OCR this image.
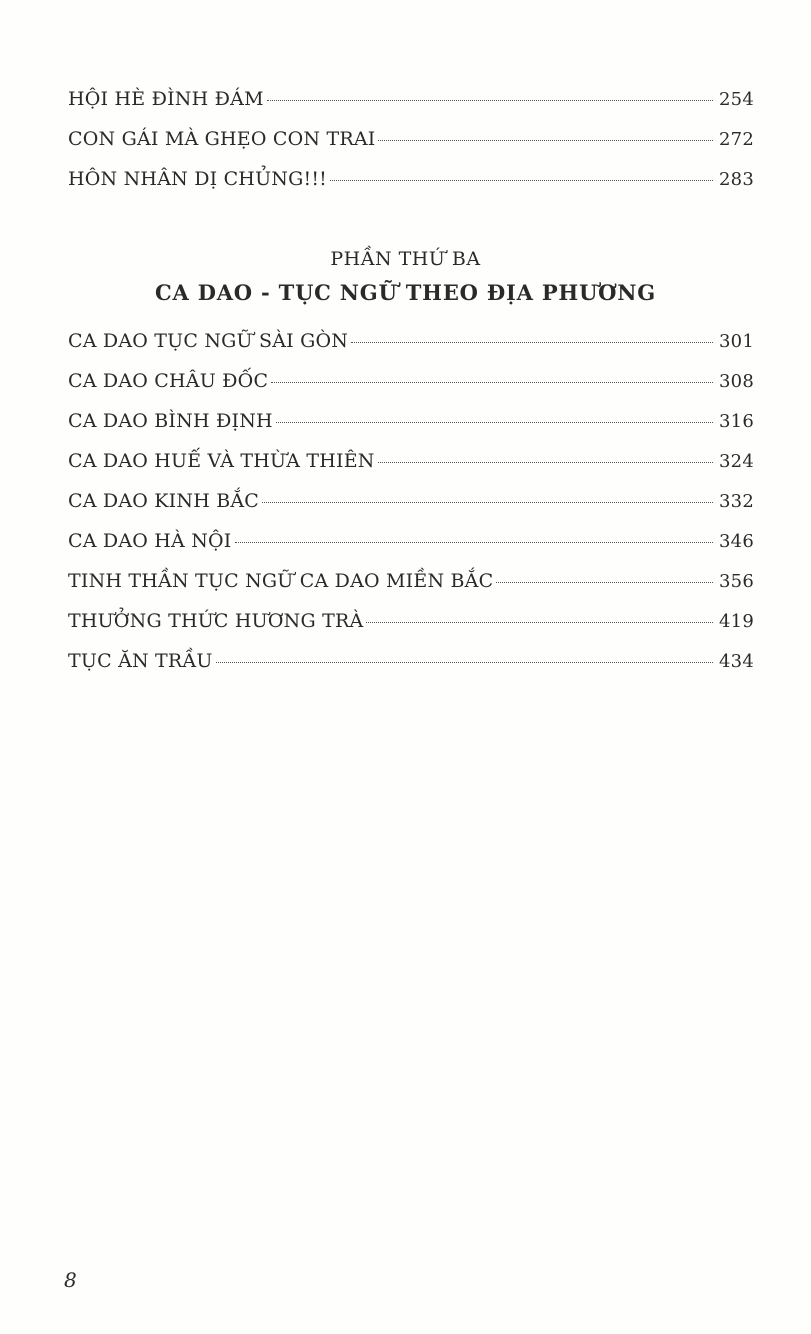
HỘI HÈ ĐÌNH ĐÁM	254
CON GÁI MÀ GHẸO CON TRAI	272
HÔN NHÂN DỊ CHỦNG!!!	283
PHẦN THỨ BA
CA DAO - TỤC NGỮ THEO ĐỊA PHƯƠNG
CA DAO TỤC NGỮ SÀI GÒN	301
CA DAO CHÂU ĐỐC	308
CA DAO BÌNH ĐỊNH	316
CA DAO HUẾ VÀ THỪA THIÊN	324
CA DAO KINH BẮC	332
CA DAO HÀ NỘI	346
TINH THẦN TỤC NGỮ CA DAO MIỀN BẮC	356
THƯỞNG THỨC HƯƠNG TRÀ	419
TỤC ĂN TRẦU	434
8
